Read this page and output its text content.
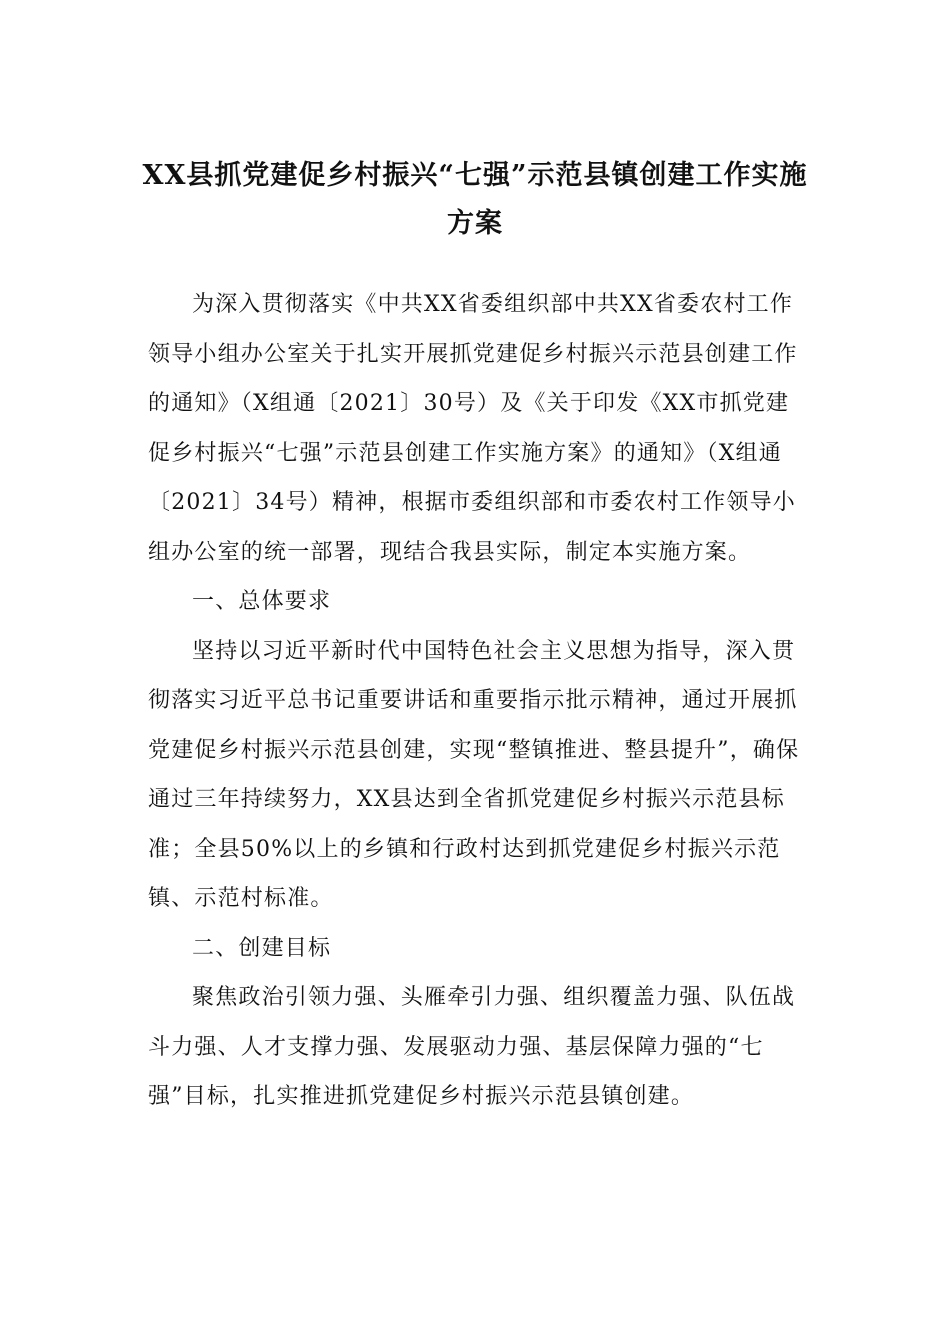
XX县抓党建促乡村振兴“七强”示范县镇创建工作实施方案

为深入贯彻落实《中共XX省委组织部中共XX省委农村工作领导小组办公室关于扎实开展抓党建促乡村振兴示范县创建工作的通知》（X组通〔2021〕30号）及《关于印发《XX市抓党建促乡村振兴“七强”示范县创建工作实施方案》的通知》（X组通〔2021〕34号）精神，根据市委组织部和市委农村工作领导小组办公室的统一部署，现结合我县实际，制定本实施方案。

一、总体要求

坚持以习近平新时代中国特色社会主义思想为指导，深入贯彻落实习近平总书记重要讲话和重要指示批示精神，通过开展抓党建促乡村振兴示范县创建，实现“整镇推进、整县提升”，确保通过三年持续努力，XX县达到全省抓党建促乡村振兴示范县标准；全县50%以上的乡镇和行政村达到抓党建促乡村振兴示范镇、示范村标准。

二、创建目标

聚焦政治引领力强、头雁牵引力强、组织覆盖力强、队伍战斗力强、人才支撑力强、发展驱动力强、基层保障力强的“七强”目标，扎实推进抓党建促乡村振兴示范县镇创建。
